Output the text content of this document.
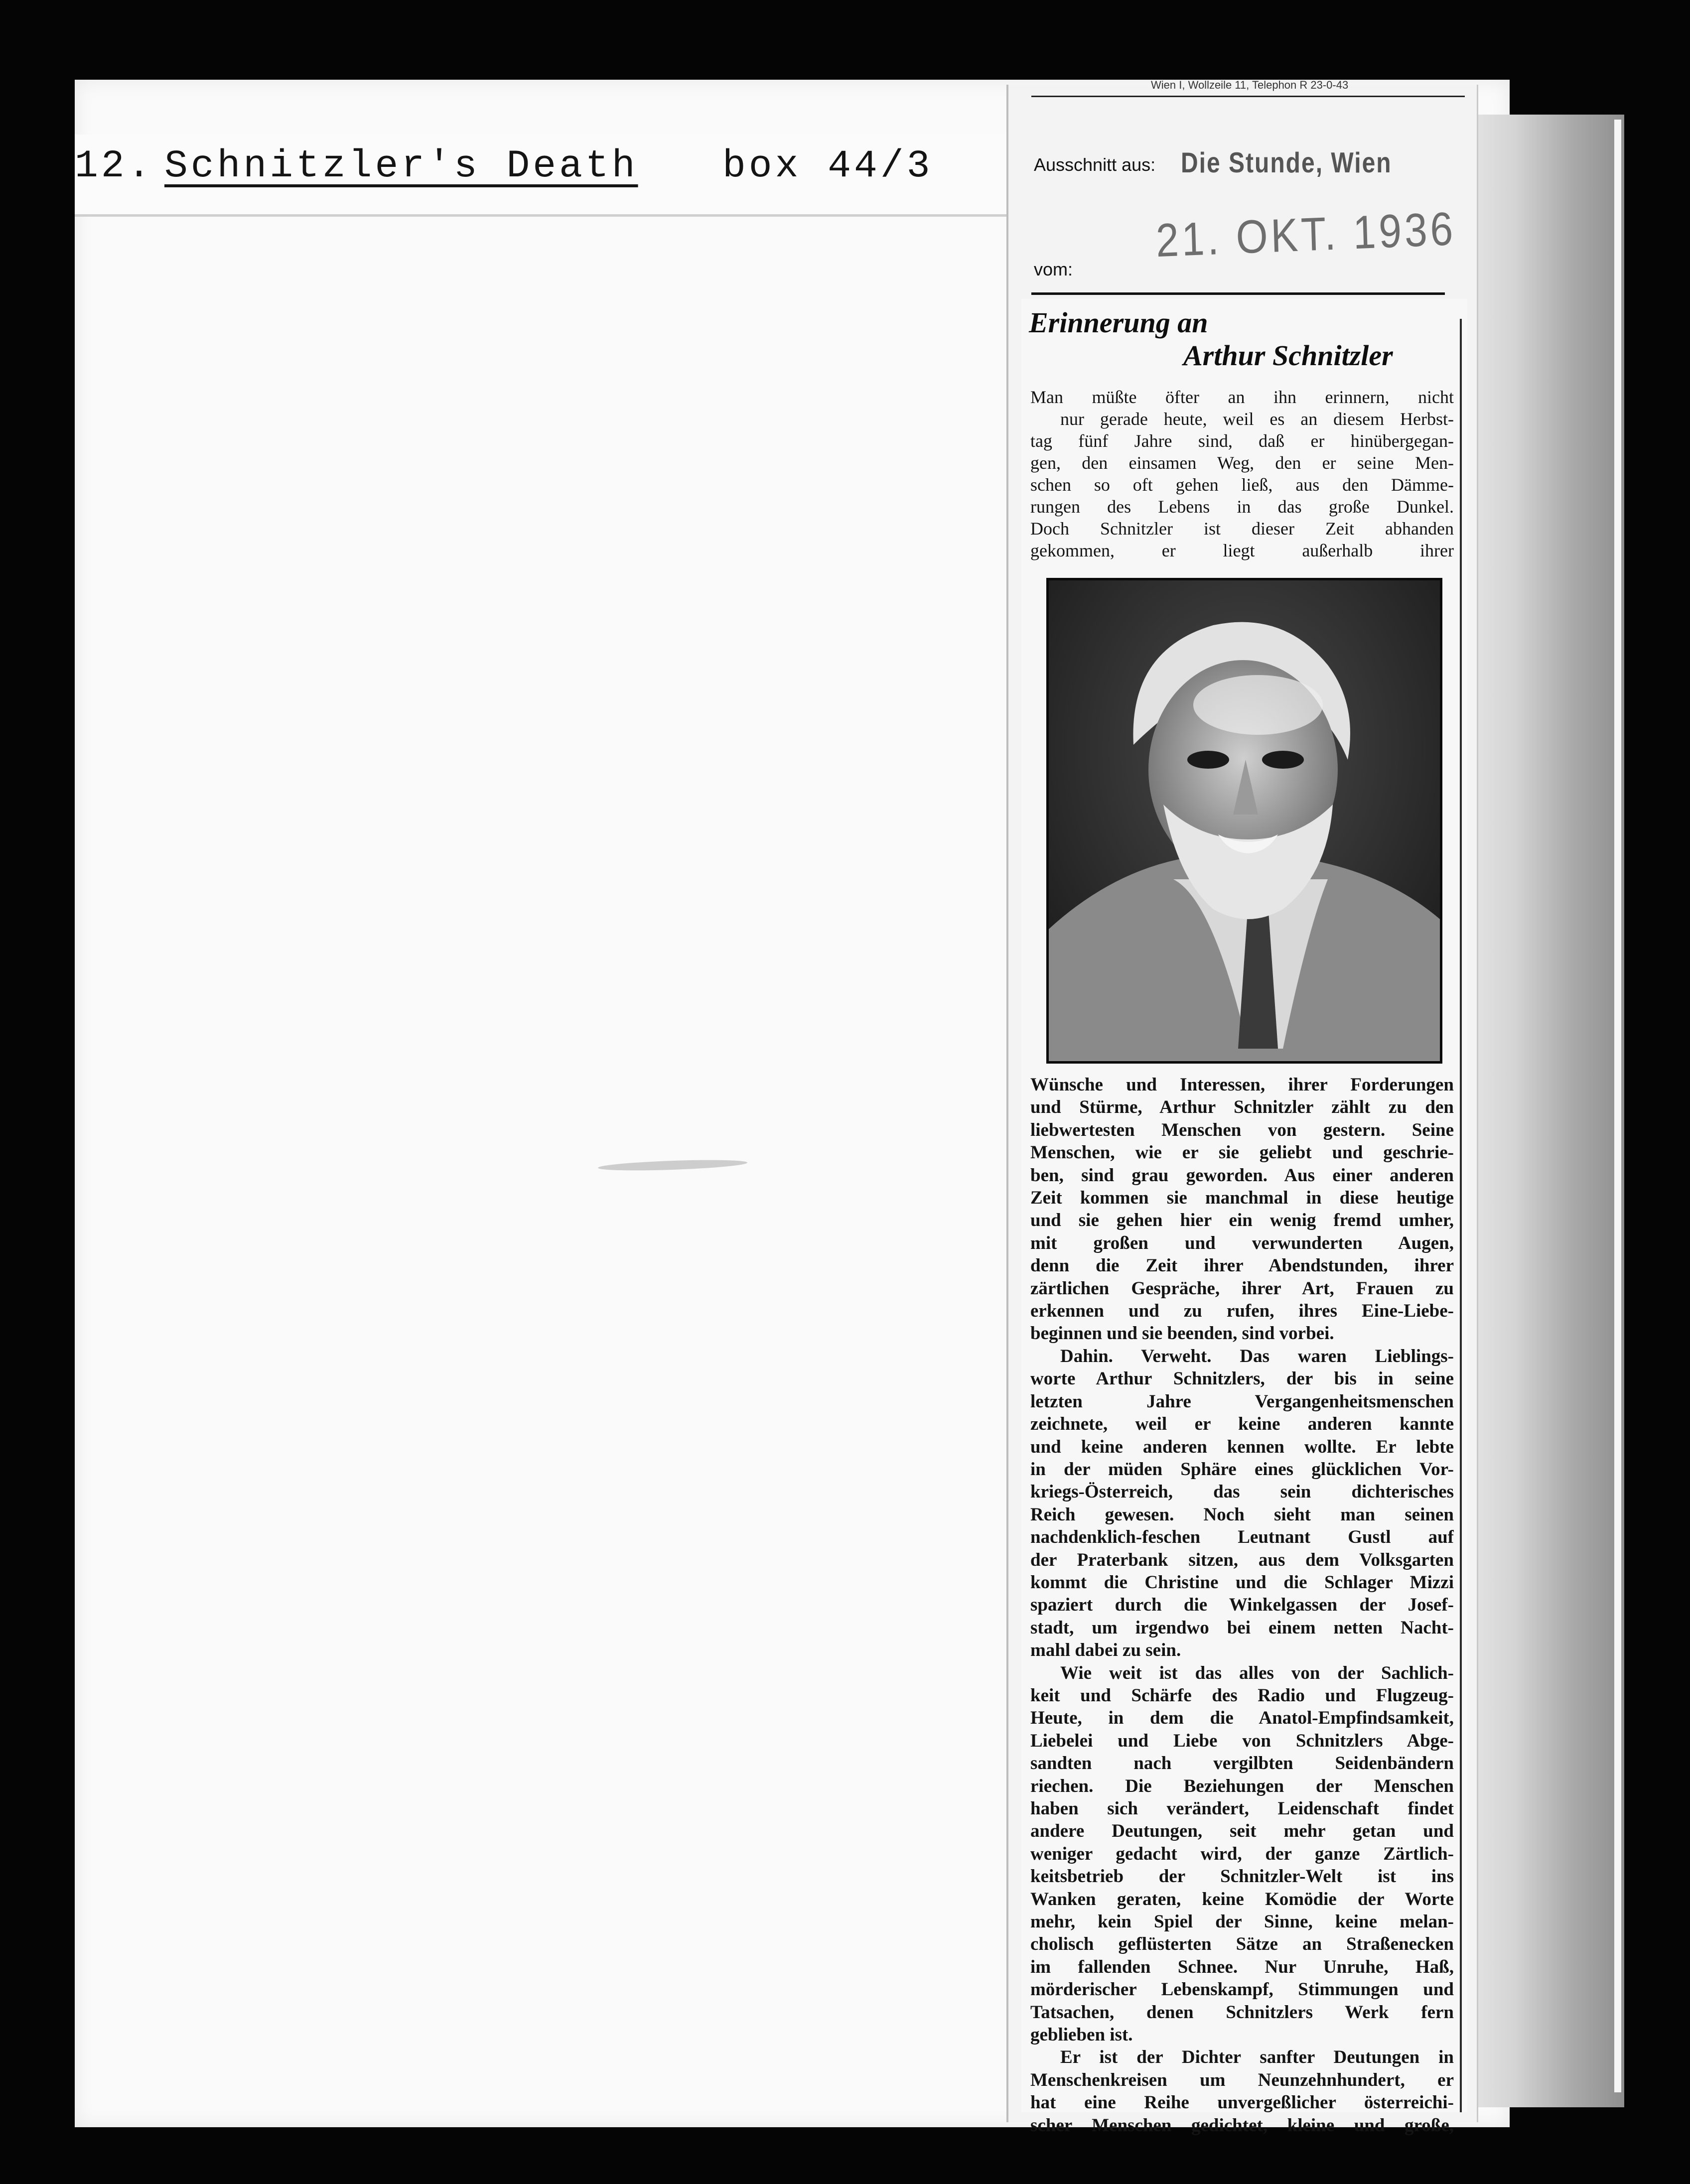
12. Schnitzler's Death box 44/3
Wien I, Wollzeile 11, Telephon R 23-0-43
Ausschnitt aus: Die Stunde, Wien
21. OKT. 1936
vom:
Erinnerung an
Arthur Schnitzler
Man müßte öfter an ihn erinnern, nicht
nur gerade heute, weil es an diesem Herbst-
tag fünf Jahre sind, daß er hinübergegan-
gen, den einsamen Weg, den er seine Men-
schen so oft gehen ließ, aus den Dämme-
rungen des Lebens in das große Dunkel.
Doch Schnitzler ist dieser Zeit abhanden
gekommen, er liegt außerhalb ihrer
Wünsche und Interessen, ihrer Forderungen
und Stürme, Arthur Schnitzler zählt zu den
liebwertesten Menschen von gestern. Seine
Menschen, wie er sie geliebt und geschrie-
ben, sind grau geworden. Aus einer anderen
Zeit kommen sie manchmal in diese heutige
und sie gehen hier ein wenig fremd umher,
mit großen und verwunderten Augen,
denn die Zeit ihrer Abendstunden, ihrer
zärtlichen Gespräche, ihrer Art, Frauen zu
erkennen und zu rufen, ihres Eine-Liebe-
beginnen und sie beenden, sind vorbei.
Dahin. Verweht. Das waren Lieblings-
worte Arthur Schnitzlers, der bis in seine
letzten Jahre Vergangenheitsmenschen
zeichnete, weil er keine anderen kannte
und keine anderen kennen wollte. Er lebte
in der müden Sphäre eines glücklichen Vor-
kriegs-Österreich, das sein dichterisches
Reich gewesen. Noch sieht man seinen
nachdenklich-feschen Leutnant Gustl auf
der Praterbank sitzen, aus dem Volksgarten
kommt die Christine und die Schlager Mizzi
spaziert durch die Winkelgassen der Josef-
stadt, um irgendwo bei einem netten Nacht-
mahl dabei zu sein.
Wie weit ist das alles von der Sachlich-
keit und Schärfe des Radio und Flugzeug-
Heute, in dem die Anatol-Empfindsamkeit,
Liebelei und Liebe von Schnitzlers Abge-
sandten nach vergilbten Seidenbändern
riechen. Die Beziehungen der Menschen
haben sich verändert, Leidenschaft findet
andere Deutungen, seit mehr getan und
weniger gedacht wird, der ganze Zärtlich-
keitsbetrieb der Schnitzler-Welt ist ins
Wanken geraten, keine Komödie der Worte
mehr, kein Spiel der Sinne, keine melan-
cholisch geflüsterten Sätze an Straßenecken
im fallenden Schnee. Nur Unruhe, Haß,
mörderischer Lebenskampf, Stimmungen und
Tatsachen, denen Schnitzlers Werk fern
geblieben ist.
Er ist der Dichter sanfter Deutungen in
Menschenkreisen um Neunzehnhundert, er
hat eine Reihe unvergeßlicher österreichi-
scher Menschen gedichtet, kleine und große,
